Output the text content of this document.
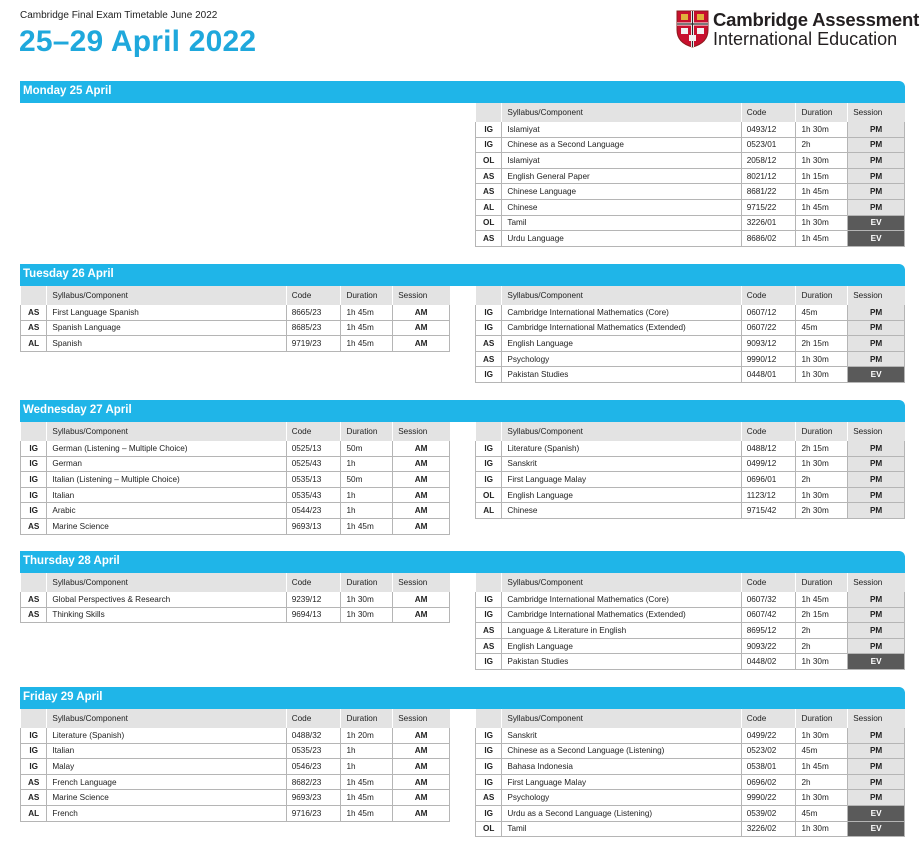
Cambridge Final Exam Timetable June 2022
25–29 April 2022
Cambridge Assessment
International Education
Monday 25 April
	Syllabus/Component	Code	Duration	Session
IG	Islamiyat	0493/12	1h 30m	PM
IG	Chinese as a Second Language	0523/01	2h	PM
OL	Islamiyat	2058/12	1h 30m	PM
AS	English General Paper	8021/12	1h 15m	PM
AS	Chinese Language	8681/22	1h 45m	PM
AL	Chinese	9715/22	1h 45m	PM
OL	Tamil	3226/01	1h 30m	EV
AS	Urdu Language	8686/02	1h 45m	EV
Tuesday 26 April
	Syllabus/Component	Code	Duration	Session
AS	First Language Spanish	8665/23	1h 45m	AM
AS	Spanish Language	8685/23	1h 45m	AM
AL	Spanish	9719/23	1h 45m	AM
	Syllabus/Component	Code	Duration	Session
IG	Cambridge International Mathematics (Core)	0607/12	45m	PM
IG	Cambridge International Mathematics (Extended)	0607/22	45m	PM
AS	English Language	9093/12	2h 15m	PM
AS	Psychology	9990/12	1h 30m	PM
IG	Pakistan Studies	0448/01	1h 30m	EV
Wednesday 27 April
	Syllabus/Component	Code	Duration	Session
IG	German (Listening – Multiple Choice)	0525/13	50m	AM
IG	German	0525/43	1h	AM
IG	Italian (Listening – Multiple Choice)	0535/13	50m	AM
IG	Italian	0535/43	1h	AM
IG	Arabic	0544/23	1h	AM
AS	Marine Science	9693/13	1h 45m	AM
	Syllabus/Component	Code	Duration	Session
IG	Literature (Spanish)	0488/12	2h 15m	PM
IG	Sanskrit	0499/12	1h 30m	PM
IG	First Language Malay	0696/01	2h	PM
OL	English Language	1123/12	1h 30m	PM
AL	Chinese	9715/42	2h 30m	PM
Thursday 28 April
	Syllabus/Component	Code	Duration	Session
AS	Global Perspectives & Research	9239/12	1h 30m	AM
AS	Thinking Skills	9694/13	1h 30m	AM
	Syllabus/Component	Code	Duration	Session
IG	Cambridge International Mathematics (Core)	0607/32	1h 45m	PM
IG	Cambridge International Mathematics (Extended)	0607/42	2h 15m	PM
AS	Language & Literature in English	8695/12	2h	PM
AS	English Language	9093/22	2h	PM
IG	Pakistan Studies	0448/02	1h 30m	EV
Friday 29 April
	Syllabus/Component	Code	Duration	Session
IG	Literature (Spanish)	0488/32	1h 20m	AM
IG	Italian	0535/23	1h	AM
IG	Malay	0546/23	1h	AM
AS	French Language	8682/23	1h 45m	AM
AS	Marine Science	9693/23	1h 45m	AM
AL	French	9716/23	1h 45m	AM
	Syllabus/Component	Code	Duration	Session
IG	Sanskrit	0499/22	1h 30m	PM
IG	Chinese as a Second Language (Listening)	0523/02	45m	PM
IG	Bahasa Indonesia	0538/01	1h 45m	PM
IG	First Language Malay	0696/02	2h	PM
AS	Psychology	9990/22	1h 30m	PM
IG	Urdu as a Second Language (Listening)	0539/02	45m	EV
OL	Tamil	3226/02	1h 30m	EV
